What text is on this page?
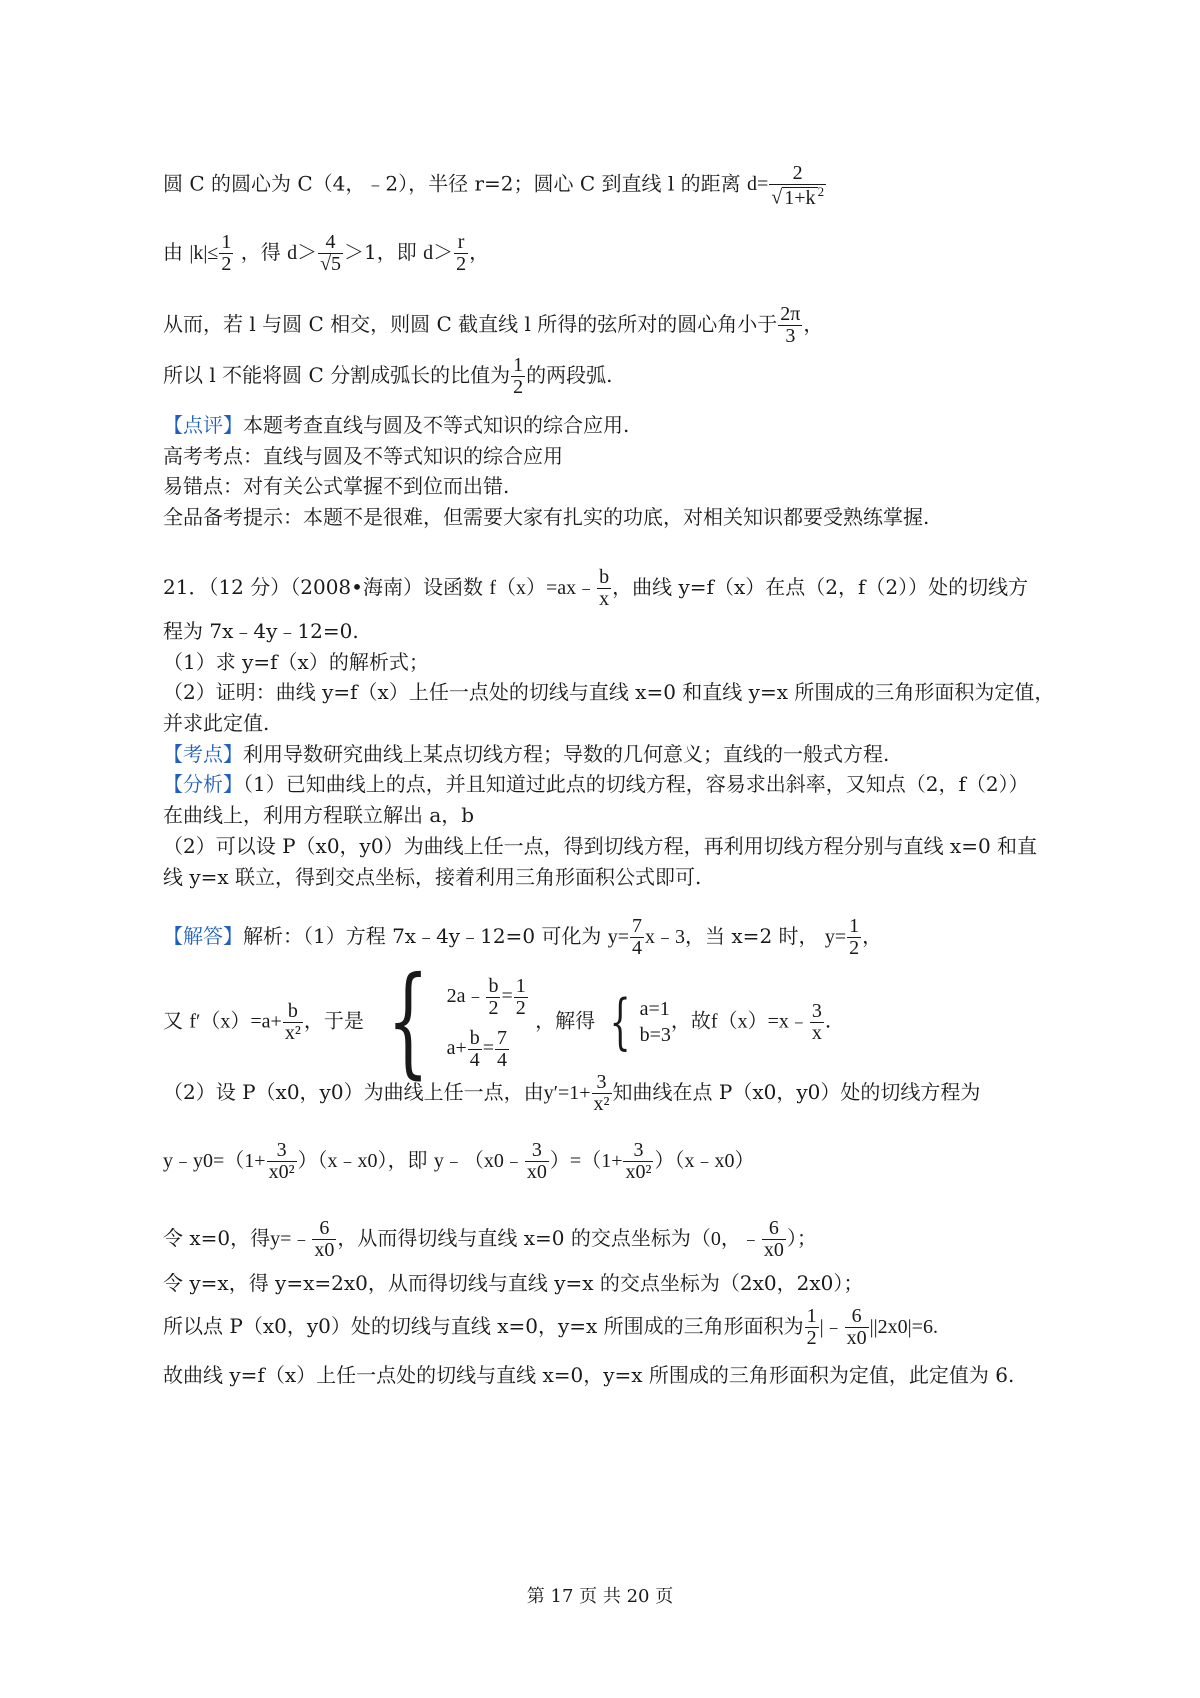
圆 C 的圆心为 C（4，﹣2），半径 r=2；圆心 C 到直线 l 的距离 $d= \frac{2}{√ 1+k ^2}$
由 $|k|\le \frac{1}{2}$ ，得 $d> \frac{4}{√5} >1$，即 $d> \frac{r}{2}$ ，
从而，若 l 与圆 C 相交，则圆 C 截直线 l 所得的弦所对的圆心角小于 $\frac{2\pi}{3}$ ，
所以 l 不能将圆 C 分割成弧长的比值为 $\frac{1}{2}$ 的两段弧.
【点评】本题考查直线与圆及不等式知识的综合应用.
高考考点：直线与圆及不等式知识的综合应用
易错点：对有关公式掌握不到位而出错.
全品备考提示：本题不是很难，但需要大家有扎实的功底，对相关知识都要受熟练掌握.
21．（12 分）（2008•海南）设函数 f（x）=ax﹣ $\frac{b}{x}$ ，曲线 y=f（x）在点（2，f（2））处的切线方
程为 7x﹣4y﹣12=0.
（1）求 y=f（x）的解析式；
（2）证明：曲线 y=f（x）上任一点处的切线与直线 x=0 和直线 y=x 所围成的三角形面积为定值，
并求此定值.
【考点】利用导数研究曲线上某点切线方程；导数的几何意义；直线的一般式方程.
【分析】（1）已知曲线上的点，并且知道过此点的切线方程，容易求出斜率，又知点（2，f（2））
在曲线上，利用方程联立解出 a，b
（2）可以设 P（x0，y0）为曲线上任一点，得到切线方程，再利用切线方程分别与直线 x=0 和直
线 y=x 联立，得到交点坐标，接着利用三角形面积公式即可.
【解答】解析：（1）方程 7x﹣4y﹣12=0 可化为 $y= \frac{7}{4}$ x﹣3，当 x=2 时， $y= \frac{1}{2}$ ，
又 $f'(x)=a+ \frac{b}{\text{x²}}$ ，于是 { 2a﹣ $\frac{b}{2} = \frac{1}{2}$
$a+ \frac{b}{4} = \frac{7}{4}$
，解得 { a=1
b=3
，故f（x）=x﹣ $\frac{3}{x}$ .
（2）设 P（x0，y0）为曲线上任一点，由$y'=1+ \frac{3}{\text{x²}}$ 知曲线在点 P（x0，y0）处的切线方程为
y﹣y0=（1+ $\frac{3}{\text{x0²}}$ ）（x﹣x0），即 y﹣（x0﹣ $\frac{3}{x0} )=(1+ \frac{3}{\text{x0²}}$ ）（x﹣x0）
令 x=0，得y=﹣ $\frac{6}{x0}$ ，从而得切线与直线 x=0 的交点坐标为（0，﹣ $\frac{6}{x0}$ ）；
令 y=x，得 y=x=2x0，从而得切线与直线 y=x 的交点坐标为（2x0，2x0）；
所以点 P（x0，y0）处的切线与直线 x=0，y=x 所围成的三角形面积为 $\frac{1}{2}$ |﹣ $\frac{6}{x0} ||2x0|=6$.
故曲线 y=f（x）上任一点处的切线与直线 x=0，y=x 所围成的三角形面积为定值，此定值为 6.
第 17 页 共 20 页
